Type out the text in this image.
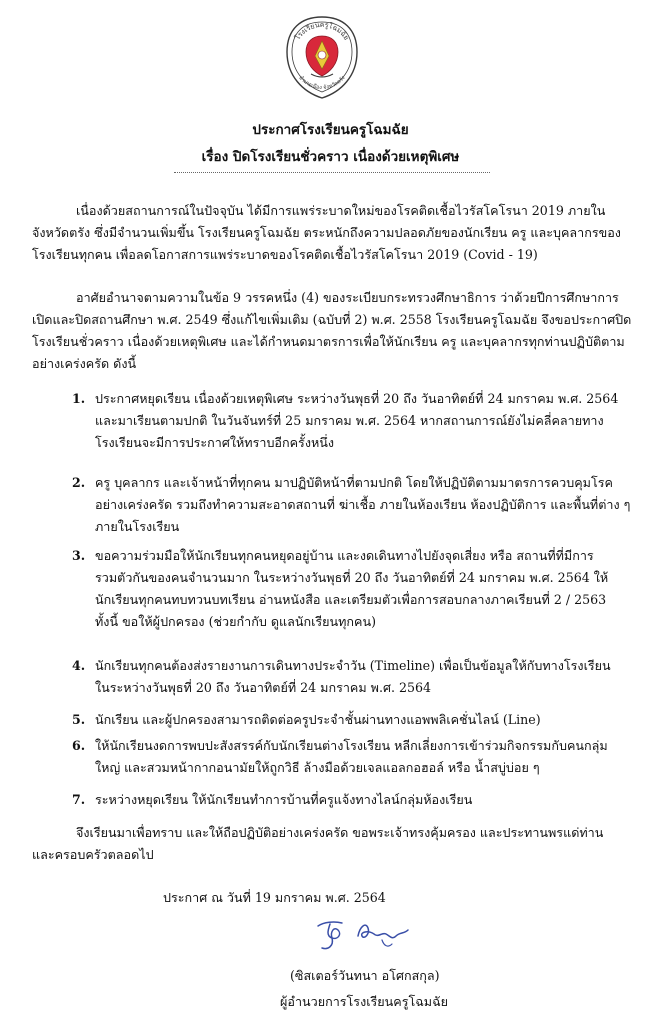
โรงเรียนครูโฉมฉัย
อำเภอเมือง จังหวัดตรัง
ประกาศโรงเรียนครูโฉมฉัย
เรื่อง ปิดโรงเรียนชั่วคราว เนื่องด้วยเหตุพิเศษ
เนื่องด้วยสถานการณ์ในปัจจุบัน ได้มีการแพร่ระบาดใหม่ของโรคติดเชื้อไวรัสโคโรนา 2019 ภายใน
จังหวัดตรัง ซึ่งมีจำนวนเพิ่มขึ้น โรงเรียนครูโฉมฉัย ตระหนักถึงความปลอดภัยของนักเรียน ครู และบุคลากรของ
โรงเรียนทุกคน เพื่อลดโอกาสการแพร่ระบาดของโรคติดเชื้อไวรัสโคโรนา 2019 (Covid - 19)
อาศัยอำนาจตามความในข้อ 9 วรรคหนึ่ง (4) ของระเบียบกระทรวงศึกษาธิการ ว่าด้วยปีการศึกษาการ
เปิดและปิดสถานศึกษา พ.ศ. 2549 ซึ่งแก้ไขเพิ่มเติม (ฉบับที่ 2) พ.ศ. 2558 โรงเรียนครูโฉมฉัย จึงขอประกาศปิด
โรงเรียนชั่วคราว เนื่องด้วยเหตุพิเศษ และได้กำหนดมาตรการเพื่อให้นักเรียน ครู และบุคลากรทุกท่านปฏิบัติตาม
อย่างเคร่งครัด ดังนี้
1. ประกาศหยุดเรียน เนื่องด้วยเหตุพิเศษ ระหว่างวันพุธที่ 20 ถึง วันอาทิตย์ที่ 24 มกราคม พ.ศ. 2564
และมาเรียนตามปกติ ในวันจันทร์ที่ 25 มกราคม พ.ศ. 2564 หากสถานการณ์ยังไม่คลี่คลายทาง
โรงเรียนจะมีการประกาศให้ทราบอีกครั้งหนึ่ง
2. ครู บุคลากร และเจ้าหน้าที่ทุกคน มาปฏิบัติหน้าที่ตามปกติ โดยให้ปฏิบัติตามมาตรการควบคุมโรค
อย่างเคร่งครัด รวมถึงทำความสะอาดสถานที่ ฆ่าเชื้อ ภายในห้องเรียน ห้องปฏิบัติการ และพื้นที่ต่าง ๆ
ภายในโรงเรียน
3. ขอความร่วมมือให้นักเรียนทุกคนหยุดอยู่บ้าน และงดเดินทางไปยังจุดเสี่ยง หรือ สถานที่ที่มีการ
รวมตัวกันของคนจำนวนมาก ในระหว่างวันพุธที่ 20 ถึง วันอาทิตย์ที่ 24 มกราคม พ.ศ. 2564 ให้
นักเรียนทุกคนทบทวนบทเรียน อ่านหนังสือ และเตรียมตัวเพื่อการสอบกลางภาคเรียนที่ 2 / 2563
ทั้งนี้ ขอให้ผู้ปกครอง (ช่วยกำกับ ดูแลนักเรียนทุกคน)
4. นักเรียนทุกคนต้องส่งรายงานการเดินทางประจำวัน (Timeline) เพื่อเป็นข้อมูลให้กับทางโรงเรียน
ในระหว่างวันพุธที่ 20 ถึง วันอาทิตย์ที่ 24 มกราคม พ.ศ. 2564
5. นักเรียน และผู้ปกครองสามารถติดต่อครูประจำชั้นผ่านทางแอพพลิเคชั่นไลน์ (Line)
6. ให้นักเรียนงดการพบปะสังสรรค์กับนักเรียนต่างโรงเรียน หลีกเลี่ยงการเข้าร่วมกิจกรรมกับคนกลุ่ม
ใหญ่ และสวมหน้ากากอนามัยให้ถูกวิธี ล้างมือด้วยเจลแอลกอฮอล์ หรือ น้ำสบู่บ่อย ๆ
7. ระหว่างหยุดเรียน ให้นักเรียนทำการบ้านที่ครูแจ้งทางไลน์กลุ่มห้องเรียน
จึงเรียนมาเพื่อทราบ และให้ถือปฏิบัติอย่างเคร่งครัด ขอพระเจ้าทรงคุ้มครอง และประทานพรแด่ท่าน
และครอบครัวตลอดไป
ประกาศ ณ วันที่ 19 มกราคม พ.ศ. 2564
(ซิสเตอร์วันทนา อโศกสกุล)
ผู้อำนวยการโรงเรียนครูโฉมฉัย
